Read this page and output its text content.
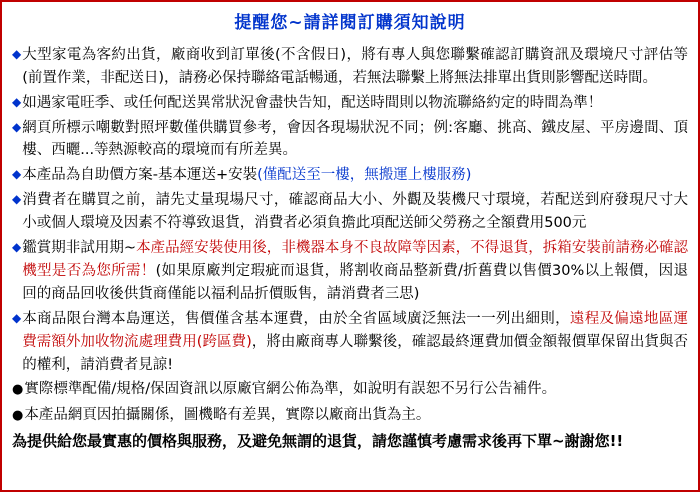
提醒您~請詳閱訂購須知說明
◆ 大型家電為客約出貨，廠商收到訂單後(不含假日)，將有專人與您聯繫確認訂購資訊及環境尺寸評估等(前置作業，非配送日)，請務必保持聯絡電話暢通，若無法聯繫上將無法排單出貨則影響配送時間。
◆ 如遇家電旺季、或任何配送異常狀況會盡快告知，配送時間則以物流聯絡約定的時間為準！
◆ 網頁所標示嘲數對照坪數僅供購買參考，會因各現場狀況不同；例:客廳、挑高、鐵皮屋、平房邊間、頂樓、西曬...等熱源較高的環境而有所差異。
◆ 本產品為自助價方案-基本運送+安裝(僅配送至一樓，無搬運上樓服務)
◆ 消費者在購買之前，請先丈量現場尺寸，確認商品大小、外觀及裝機尺寸環境，若配送到府發現尺寸大小或個人環境及因素不符導致退貨，消費者必須負擔此項配送師父勞務之全額費用500元
◆ 鑑賞期非試用期~本產品經安裝使用後，非機器本身不良故障等因素，不得退貨，拆箱安裝前請務必確認機型是否為您所需！(如果原廠判定瑕疵而退貨，將割收商品整新費/折舊費以售價30%以上報價，因退回的商品回收後供貨商僅能以福利品折價販售，請消費者三思)
◆ 本商品限台灣本島運送，售價僅含基本運費，由於全省區域廣泛無法一一列出細則，遠程及偏遠地區運費需額外加收物流處理費用(跨區費)，將由廠商專人聯繫後，確認最終運費加價金額報價單保留出貨與否的權利，請消費者見諒!
● 實際標準配備/規格/保固資訊以原廠官網公佈為準，如說明有誤恕不另行公告補件。
● 本產品網頁因拍攝關係，圖機略有差異，實際以廠商出貨為主。
為提供給您最實惠的價格與服務，及避免無謂的退貨，請您謹慎考慮需求後再下單~謝謝您!!
